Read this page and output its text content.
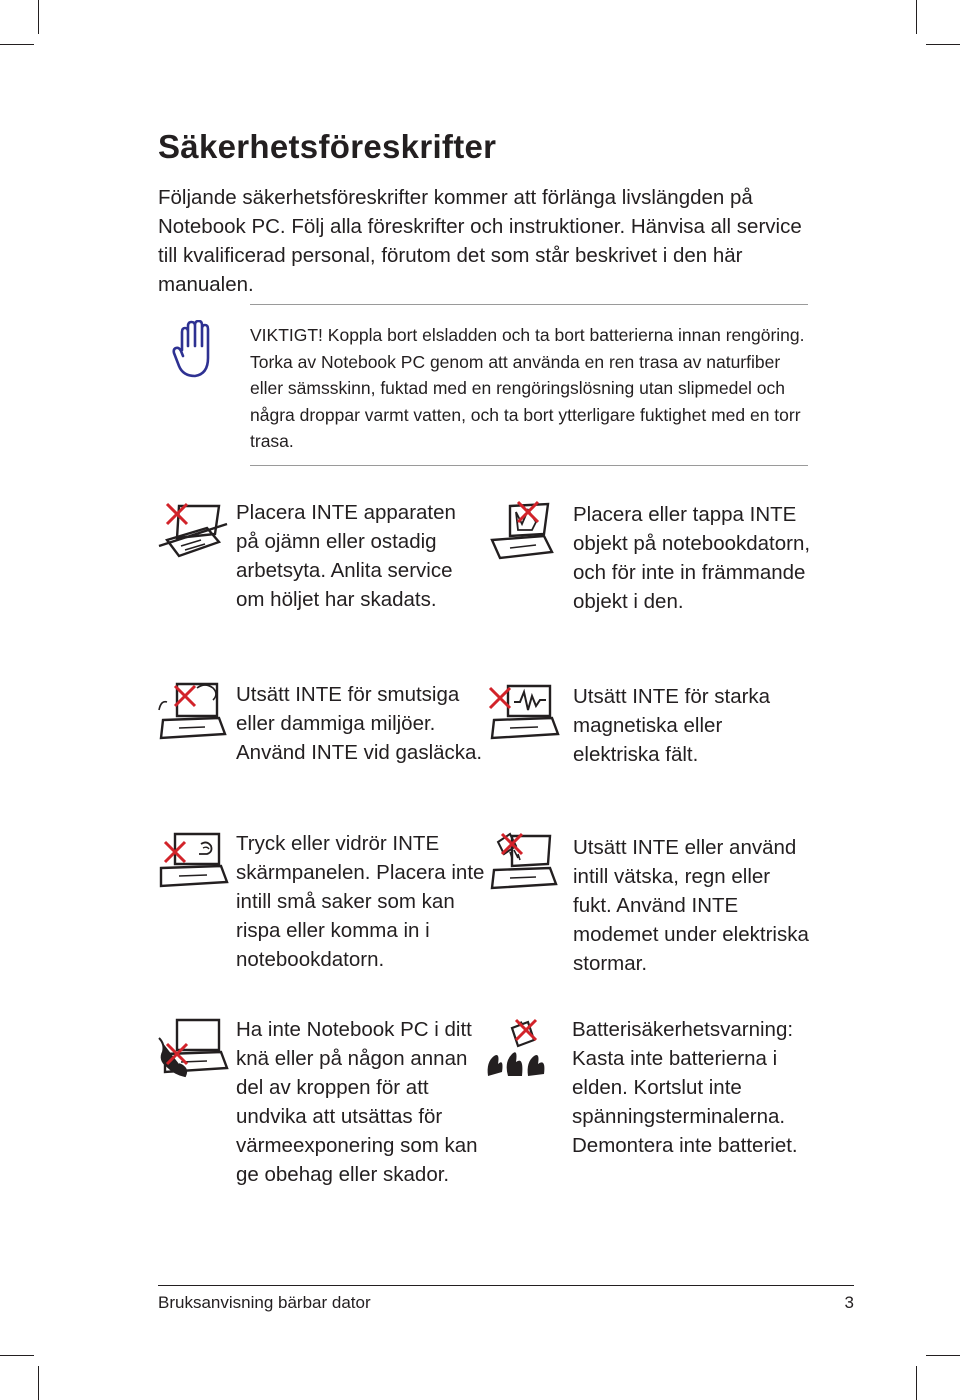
Säkerhetsföreskrifter

Följande säkerhetsföreskrifter kommer att förlänga livslängden på Notebook PC. Följ alla föreskrifter och instruktioner. Hänvisa all service till kvalificerad personal, förutom det som står beskrivet i den här manualen.

VIKTIGT! Koppla bort elsladden och ta bort batterierna innan rengöring. Torka av Notebook PC genom att använda en ren trasa av naturfiber eller sämsskinn, fuktad med en rengöringslösning utan slipmedel och några droppar varmt vatten, och ta bort ytterligare fuktighet med en torr trasa.

Placera INTE apparaten på ojämn eller ostadig arbetsyta. Anlita service om höljet har skadats.

Placera eller tappa INTE objekt på notebookdatorn, och för inte in främmande objekt i den.

Utsätt INTE för smutsiga eller dammiga miljöer. Använd INTE vid gasläcka.

Utsätt INTE för starka magnetiska eller elektriska fält.

Tryck eller vidrör INTE skärmpanelen. Placera inte intill små saker som kan rispa eller komma in i notebookdatorn.

Utsätt INTE eller använd intill vätska, regn eller fukt. Använd INTE modemet under elektriska stormar.

Ha inte Notebook PC i ditt knä eller på någon annan del av kroppen för att undvika att utsättas för värmeexponering som kan ge obehag eller skador.

Batterisäkerhetsvarning: Kasta inte batterierna i elden. Kortslut inte spänningsterminalerna. Demontera inte batteriet.

Bruksanvisning bärbar dator	3
